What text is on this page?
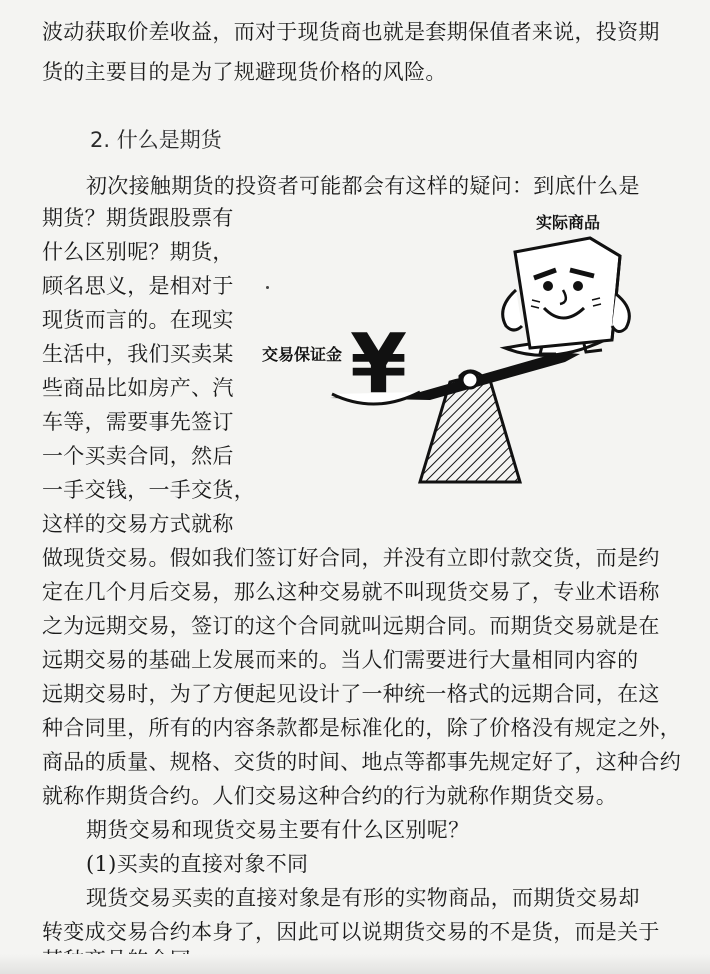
波动获取价差收益，而对于现货商也就是套期保值者来说，投资期
货的主要目的是为了规避现货价格的风险。
2. 什么是期货
初次接触期货的投资者可能都会有这样的疑问：到底什么是
期货？期货跟股票有
什么区别呢？期货，
顾名思义，是相对于
现货而言的。在现实
生活中，我们买卖某
些商品比如房产、汽
车等，需要事先签订
一个买卖合同，然后
一手交钱，一手交货，
这样的交易方式就称
实际商品
交易保证金 ¥
做现货交易。假如我们签订好合同，并没有立即付款交货，而是约
定在几个月后交易，那么这种交易就不叫现货交易了，专业术语称
之为远期交易，签订的这个合同就叫远期合同。而期货交易就是在
远期交易的基础上发展而来的。当人们需要进行大量相同内容的
远期交易时，为了方便起见设计了一种统一格式的远期合同，在这
种合同里，所有的内容条款都是标准化的，除了价格没有规定之外，
商品的质量、规格、交货的时间、地点等都事先规定好了，这种合约
就称作期货合约。人们交易这种合约的行为就称作期货交易。
期货交易和现货交易主要有什么区别呢？
(1)买卖的直接对象不同
现货交易买卖的直接对象是有形的实物商品，而期货交易却
转变成交易合约本身了，因此可以说期货交易的不是货，而是关于
